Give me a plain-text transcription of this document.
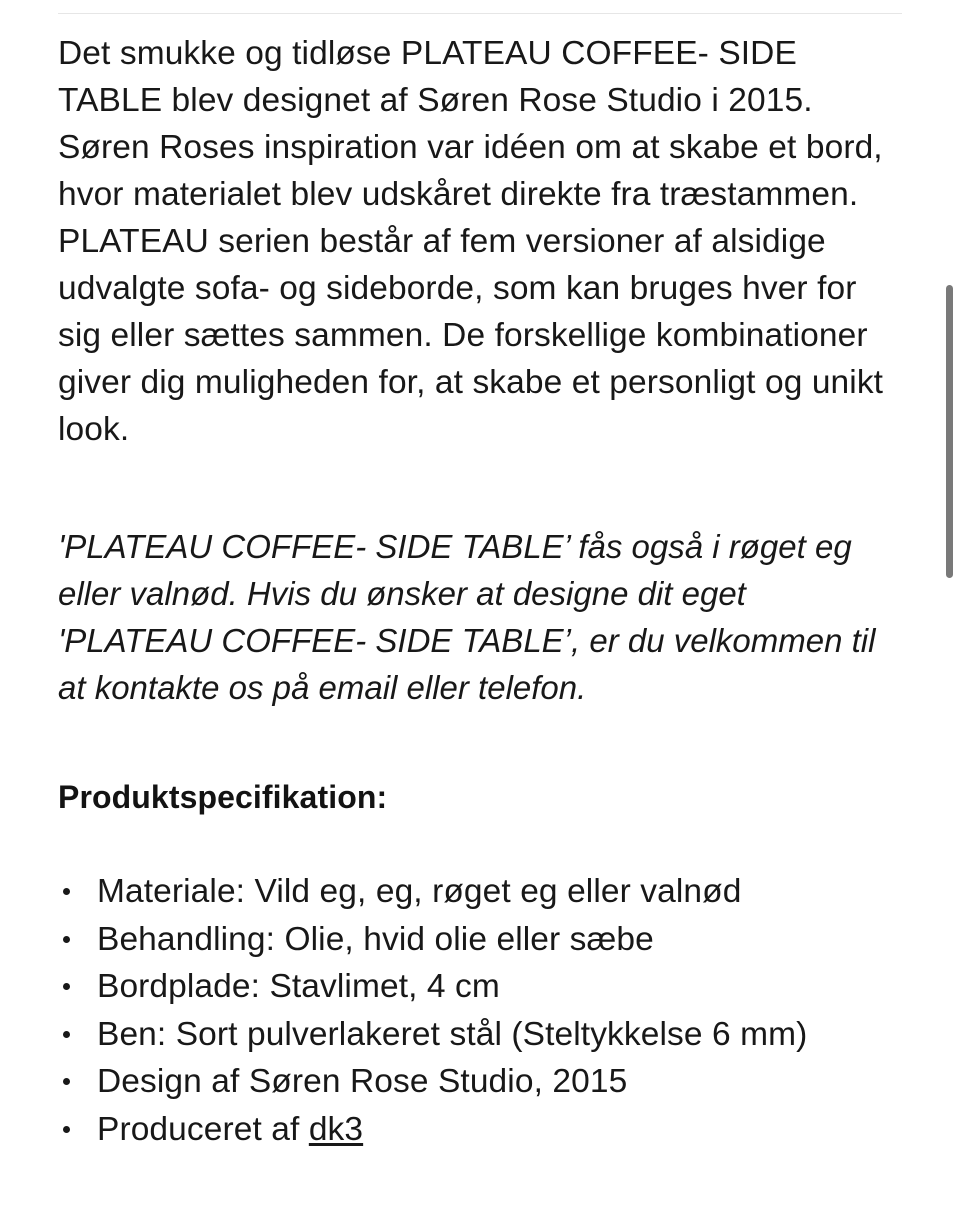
Det smukke og tidløse PLATEAU COFFEE- SIDE TABLE blev designet af Søren Rose Studio i 2015. Søren Roses inspiration var idéen om at skabe et bord, hvor materialet blev udskåret direkte fra træstammen. PLATEAU serien består af fem versioner af alsidige udvalgte sofa- og sideborde, som kan bruges hver for sig eller sættes sammen. De forskellige kombinationer giver dig muligheden for, at skabe et personligt og unikt look.

'PLATEAU COFFEE- SIDE TABLE’ fås også i røget eg eller valnød. Hvis du ønsker at designe dit eget 'PLATEAU COFFEE- SIDE TABLE’, er du velkommen til at kontakte os på email eller telefon.

Produktspecifikation:
Materiale: Vild eg, eg, røget eg eller valnød
Behandling: Olie, hvid olie eller sæbe
Bordplade: Stavlimet, 4 cm
Ben: Sort pulverlakeret stål (Steltykkelse 6 mm)
Design af Søren Rose Studio, 2015
Produceret af dk3
